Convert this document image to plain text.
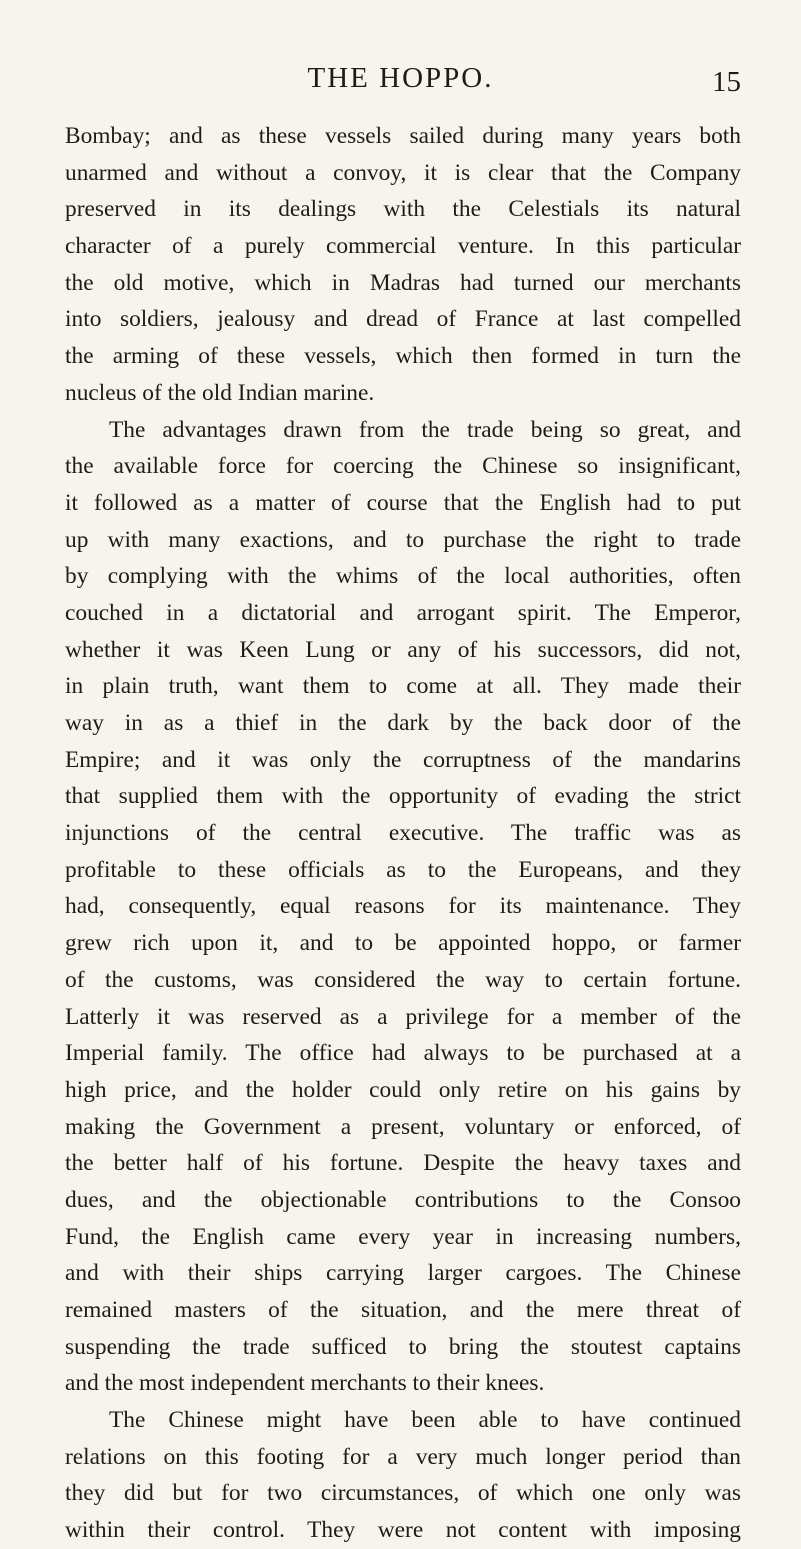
THE HOPPO.	15
Bombay; and as these vessels sailed during many years both
unarmed and without a convoy, it is clear that the Company
preserved in its dealings with the Celestials its natural
character of a purely commercial venture. In this particular
the old motive, which in Madras had turned our merchants
into soldiers, jealousy and dread of France at last compelled
the arming of these vessels, which then formed in turn the
nucleus of the old Indian marine.
The advantages drawn from the trade being so great, and
the available force for coercing the Chinese so insignificant,
it followed as a matter of course that the English had to put
up with many exactions, and to purchase the right to trade
by complying with the whims of the local authorities, often
couched in a dictatorial and arrogant spirit. The Emperor,
whether it was Keen Lung or any of his successors, did not,
in plain truth, want them to come at all. They made their
way in as a thief in the dark by the back door of the
Empire; and it was only the corruptness of the mandarins
that supplied them with the opportunity of evading the strict
injunctions of the central executive. The traffic was as
profitable to these officials as to the Europeans, and they
had, consequently, equal reasons for its maintenance. They
grew rich upon it, and to be appointed hoppo, or farmer
of the customs, was considered the way to certain fortune.
Latterly it was reserved as a privilege for a member of the
Imperial family. The office had always to be purchased at a
high price, and the holder could only retire on his gains by
making the Government a present, voluntary or enforced, of
the better half of his fortune. Despite the heavy taxes and
dues, and the objectionable contributions to the Consoo
Fund, the English came every year in increasing numbers,
and with their ships carrying larger cargoes. The Chinese
remained masters of the situation, and the mere threat of
suspending the trade sufficed to bring the stoutest captains
and the most independent merchants to their knees.
The Chinese might have been able to have continued
relations on this footing for a very much longer period than
they did but for two circumstances, of which one only was
within their control. They were not content with imposing
